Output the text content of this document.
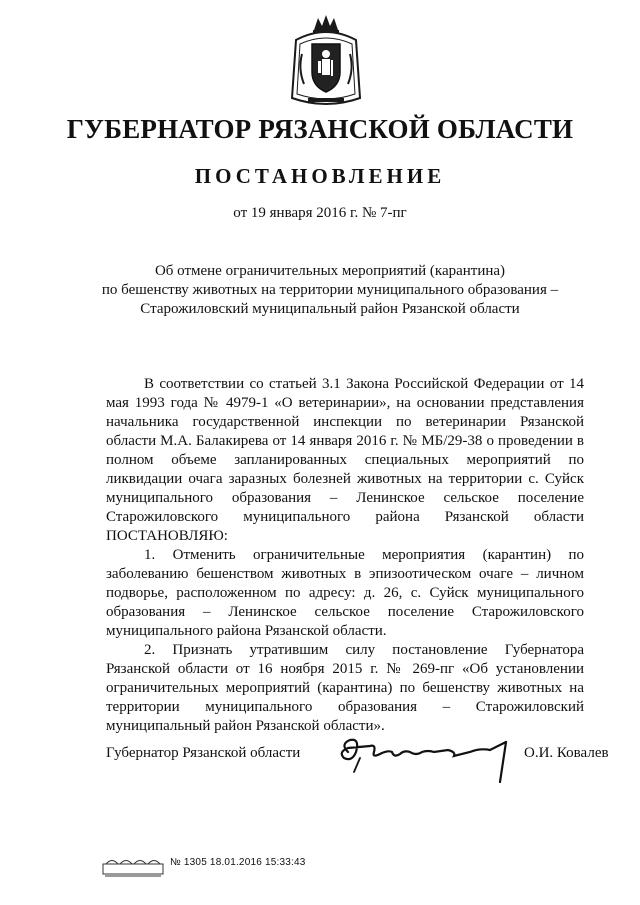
ГУБЕРНАТОР РЯЗАНСКОЙ ОБЛАСТИ
ПОСТАНОВЛЕНИЕ
от 19 января 2016 г. № 7-пг
Об отмене ограничительных мероприятий (карантина)
по бешенству животных на территории муниципального образования –
Старожиловский муниципальный район Рязанской области

В соответствии со статьей 3.1 Закона Российской Федерации от 14 мая 1993 года № 4979-1 «О ветеринарии», на основании представления начальника государственной инспекции по ветеринарии Рязанской области М.А. Балакирева от 14 января 2016 г. № МБ/29-38 о проведении в полном объеме запланированных специальных мероприятий по ликвидации очага заразных болезней животных на территории с. Суйск муниципального образования – Ленинское сельское поселение Старожиловского муниципального района Рязанской области ПОСТАНОВЛЯЮ:

1. Отменить ограничительные мероприятия (карантин) по заболеванию бешенством животных в эпизоотическом очаге – личном подворье, расположенном по адресу: д. 26, с. Суйск муниципального образования – Ленинское сельское поселение Старожиловского муниципального района Рязанской области.

2. Признать утратившим силу постановление Губернатора Рязанской области от 16 ноября 2015 г. № 269-пг «Об установлении ограничительных мероприятий (карантина) по бешенству животных на территории муниципального образования – Старожиловский муниципальный район Рязанской области».

Губернатор Рязанской области	О.И. Ковалев
№ 1305 18.01.2016 15:33:43
